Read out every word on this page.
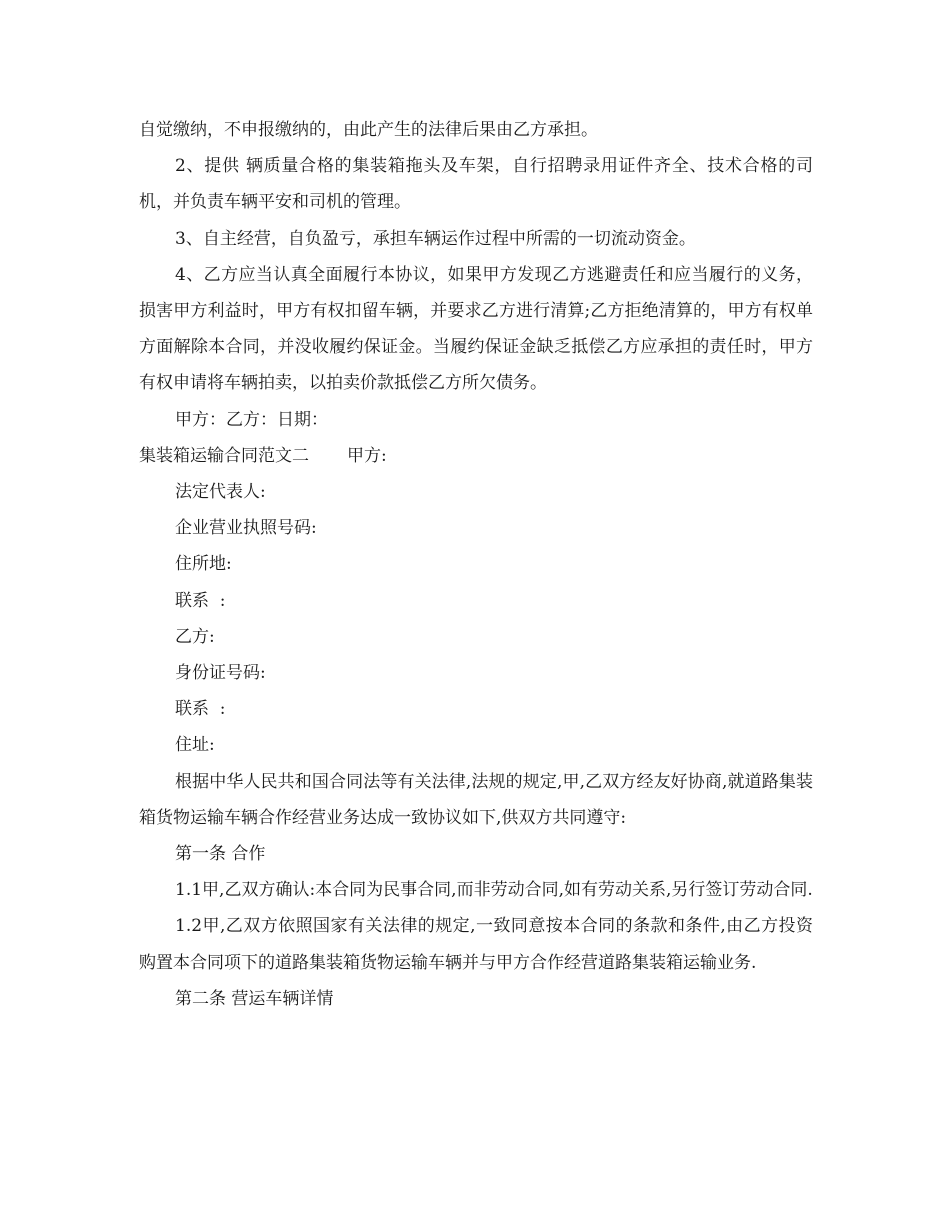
自觉缴纳，不申报缴纳的，由此产生的法律后果由乙方承担。

2、提供 辆质量合格的集装箱拖头及车架，自行招聘录用证件齐全、技术合格的司机，并负责车辆平安和司机的管理。

3、自主经营，自负盈亏，承担车辆运作过程中所需的一切流动资金。

4、乙方应当认真全面履行本协议，如果甲方发现乙方逃避责任和应当履行的义务，损害甲方利益时，甲方有权扣留车辆，并要求乙方进行清算;乙方拒绝清算的，甲方有权单方面解除本合同，并没收履约保证金。当履约保证金缺乏抵偿乙方应承担的责任时，甲方有权申请将车辆拍卖，以拍卖价款抵偿乙方所欠债务。

甲方：乙方：日期：

集装箱运输合同范文二 甲方:

法定代表人:

企业营业执照号码:

住所地:

联系  :

乙方:

身份证号码:

联系  :

住址:

根据中华人民共和国合同法等有关法律,法规的规定,甲,乙双方经友好协商,就道路集装箱货物运输车辆合作经营业务达成一致协议如下,供双方共同遵守:

第一条 合作

1.1甲,乙双方确认:本合同为民事合同,而非劳动合同,如有劳动关系,另行签订劳动合同.

1.2甲,乙双方依照国家有关法律的规定,一致同意按本合同的条款和条件,由乙方投资购置本合同项下的道路集装箱货物运输车辆并与甲方合作经营道路集装箱运输业务.

第二条 营运车辆详情
